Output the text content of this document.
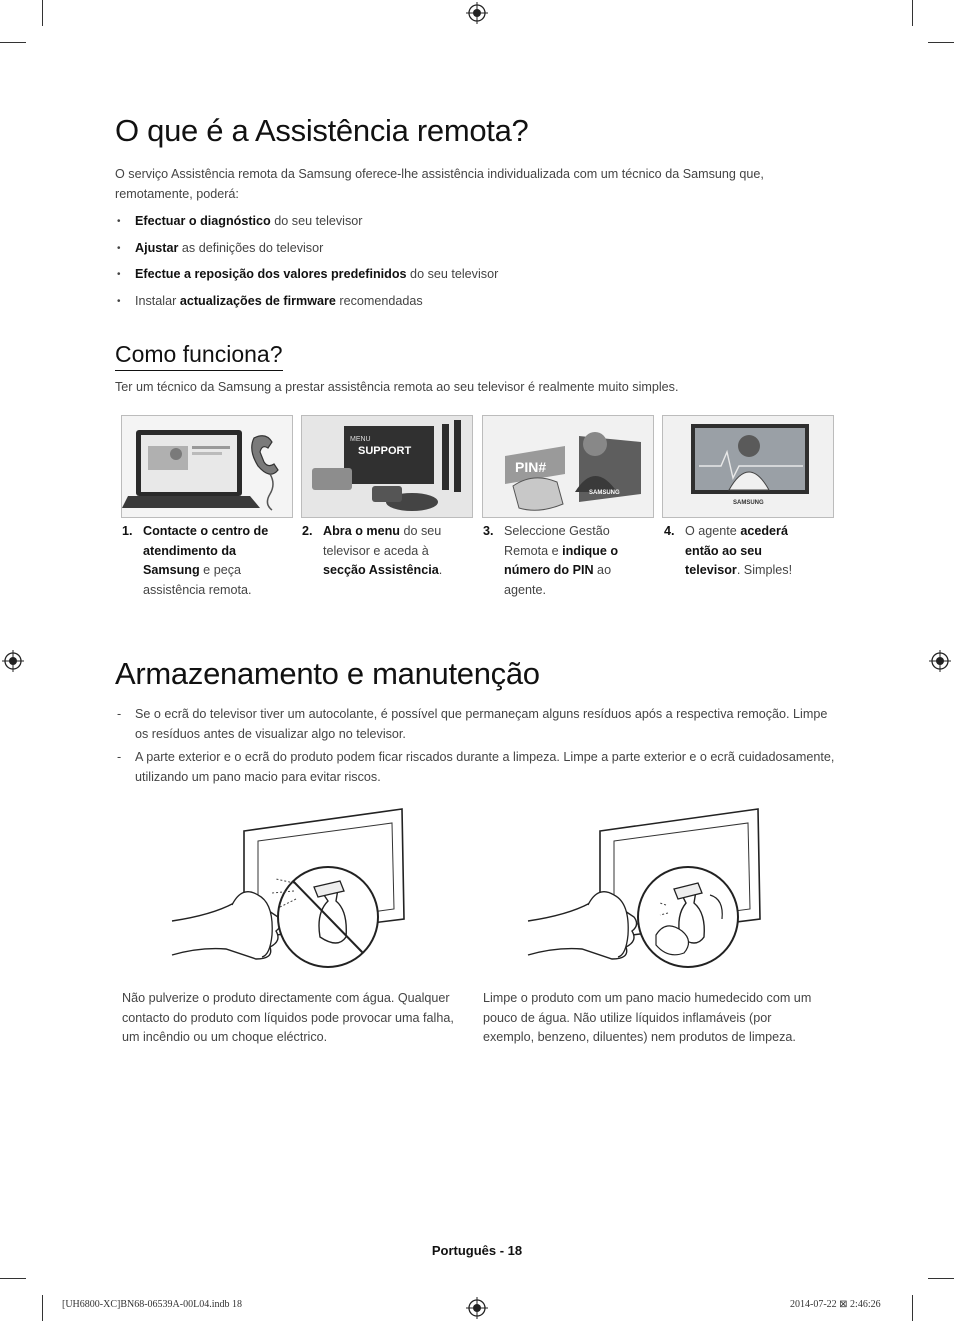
O que é a Assistência remota?

O serviço Assistência remota da Samsung oferece-lhe assistência individualizada com um técnico da Samsung que, remotamente, poderá:

• Efectuar o diagnóstico do seu televisor
• Ajustar as definições do televisor
• Efectue a reposição dos valores predefinidos do seu televisor
• Instalar actualizações de firmware recomendadas
Como funciona?

Ter um técnico da Samsung a prestar assistência remota ao seu televisor é realmente muito simples.

MENU
SUPPORT
PIN#
SAMSUNG
SAMSUNG
1. Contacte o centro de atendimento da Samsung e peça assistência remota.
2. Abra o menu do seu televisor e aceda à secção Assistência.
3. Seleccione Gestão Remota e indique o número do PIN ao agente.
4. O agente acederá então ao seu televisor. Simples!
Armazenamento e manutenção
- Se o ecrã do televisor tiver um autocolante, é possível que permaneçam alguns resíduos após a respectiva remoção. Limpe os resíduos antes de visualizar algo no televisor.
- A parte exterior e o ecrã do produto podem ficar riscados durante a limpeza. Limpe a parte exterior e o ecrã cuidadosamente, utilizando um pano macio para evitar riscos.

Não pulverize o produto directamente com água. Qualquer contacto do produto com líquidos pode provocar uma falha, um incêndio ou um choque eléctrico.

Limpe o produto com um pano macio humedecido com um pouco de água. Não utilize líquidos inflamáveis (por exemplo, benzeno, diluentes) nem produtos de limpeza.

Português - 18
[UH6800-XC]BN68-06539A-00L04.indb 18	2014-07-22 ⊠ 2:46:26
